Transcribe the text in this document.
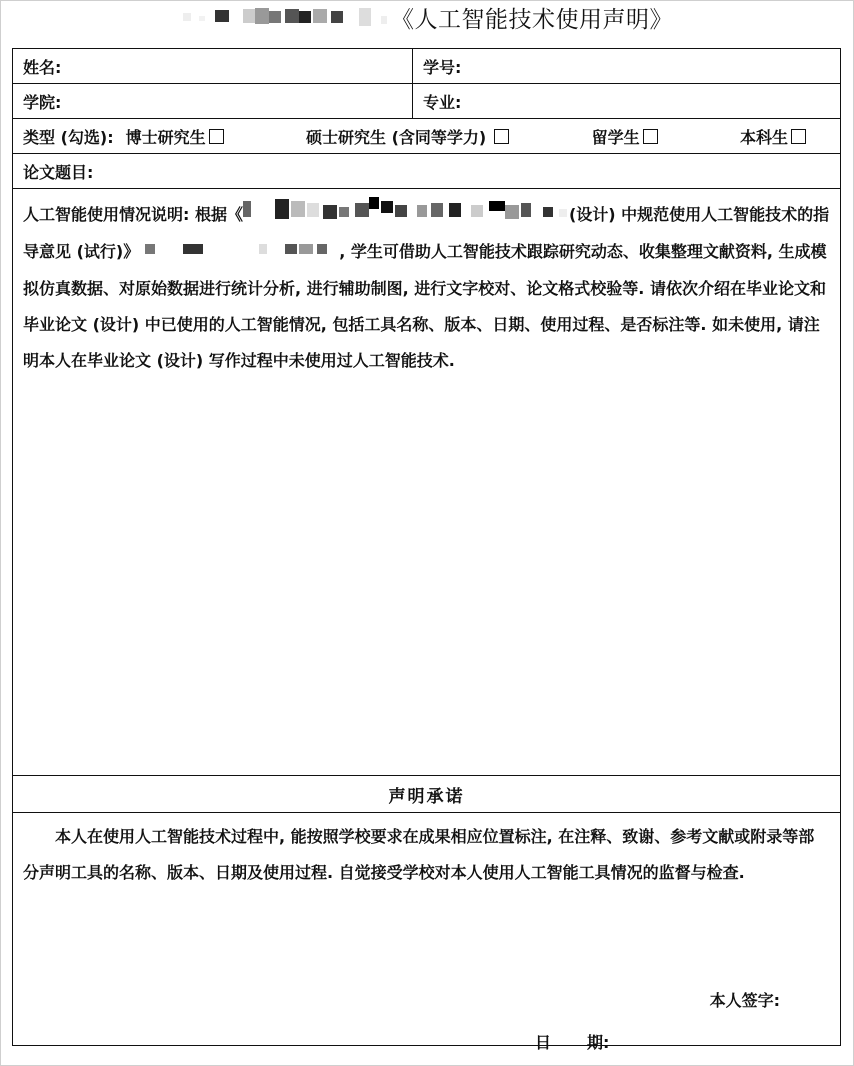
《人工智能技术使用声明》
姓名:	学号:
学院:	专业:

类型 (勾选): 博士研究生 硕士研究生 (含同等学力) 留学生 本科生	

论文题目:	
人工智能使用情况说明: 根据《 (设计) 中规范使用人工智能技术的指导意见 (试行)》 , 学生可借助人工智能技术跟踪研究动态、收集整理文献资料, 生成模拟仿真数据、对原始数据进行统计分析, 进行辅助制图, 进行文字校对、论文格式校验等. 请依次介绍在毕业论文和毕业论文 (设计) 中已使用的人工智能情况, 包括工具名称、版本、日期、使用过程、是否标注等. 如未使用, 请注明本人在毕业论文 (设计) 写作过程中未使用过人工智能技术.	
声明承诺	

本人在使用人工智能技术过程中, 能按照学校要求在成果相应位置标注, 在注释、致谢、参考文献或附录等部分声明工具的名称、版本、日期及使用过程. 自觉接受学校对本人使用人工智能工具情况的监督与检查.
本人签字:
日 期:	
